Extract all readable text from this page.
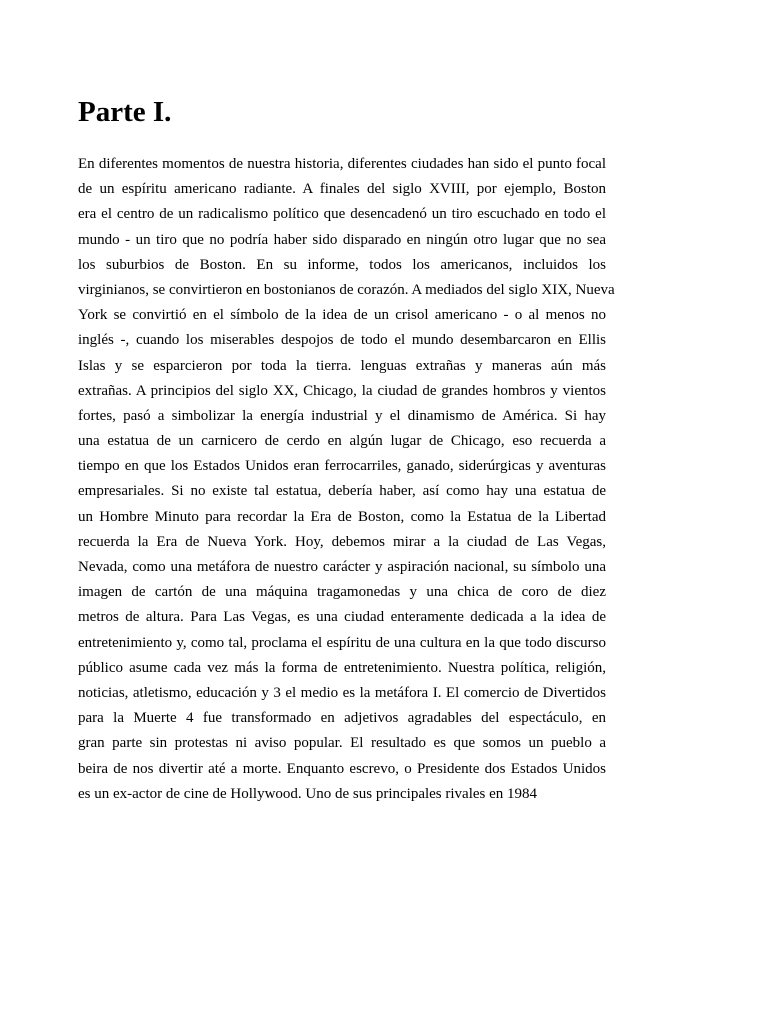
Parte I.
En diferentes momentos de nuestra historia, diferentes ciudades han sido el punto focal
de un espíritu americano radiante. A finales del siglo XVIII, por ejemplo, Boston
era el centro de un radicalismo político que desencadenó un tiro escuchado en todo el
mundo - un tiro que no podría haber sido disparado en ningún otro lugar que no sea
los suburbios de Boston. En su informe, todos los americanos, incluidos los
virginianos, se convirtieron en bostonianos de corazón. A mediados del siglo XIX, Nueva
York se convirtió en el símbolo de la idea de un crisol americano - o al menos no
inglés -, cuando los miserables despojos de todo el mundo desembarcaron en Ellis
Islas y se esparcieron por toda la tierra. lenguas extrañas y maneras aún más
extrañas. A principios del siglo XX, Chicago, la ciudad de grandes hombros y vientos
fortes, pasó a simbolizar la energía industrial y el dinamismo de América. Si hay
una estatua de un carnicero de cerdo en algún lugar de Chicago, eso recuerda a
tiempo en que los Estados Unidos eran ferrocarriles, ganado, siderúrgicas y aventuras
empresariales. Si no existe tal estatua, debería haber, así como hay una estatua de
un Hombre Minuto para recordar la Era de Boston, como la Estatua de la Libertad
recuerda la Era de Nueva York. Hoy, debemos mirar a la ciudad de Las Vegas,
Nevada, como una metáfora de nuestro carácter y aspiración nacional, su símbolo una
imagen de cartón de una máquina tragamonedas y una chica de coro de diez
metros de altura. Para Las Vegas, es una ciudad enteramente dedicada a la idea de
entretenimiento y, como tal, proclama el espíritu de una cultura en la que todo discurso
público asume cada vez más la forma de entretenimiento. Nuestra política, religión,
noticias, atletismo, educación y 3 el medio es la metáfora I. El comercio de Divertidos
para la Muerte 4 fue transformado en adjetivos agradables del espectáculo, en
gran parte sin protestas ni aviso popular. El resultado es que somos un pueblo a
beira de nos divertir até a morte. Enquanto escrevo, o Presidente dos Estados Unidos
es un ex-actor de cine de Hollywood. Uno de sus principales rivales en 1984
